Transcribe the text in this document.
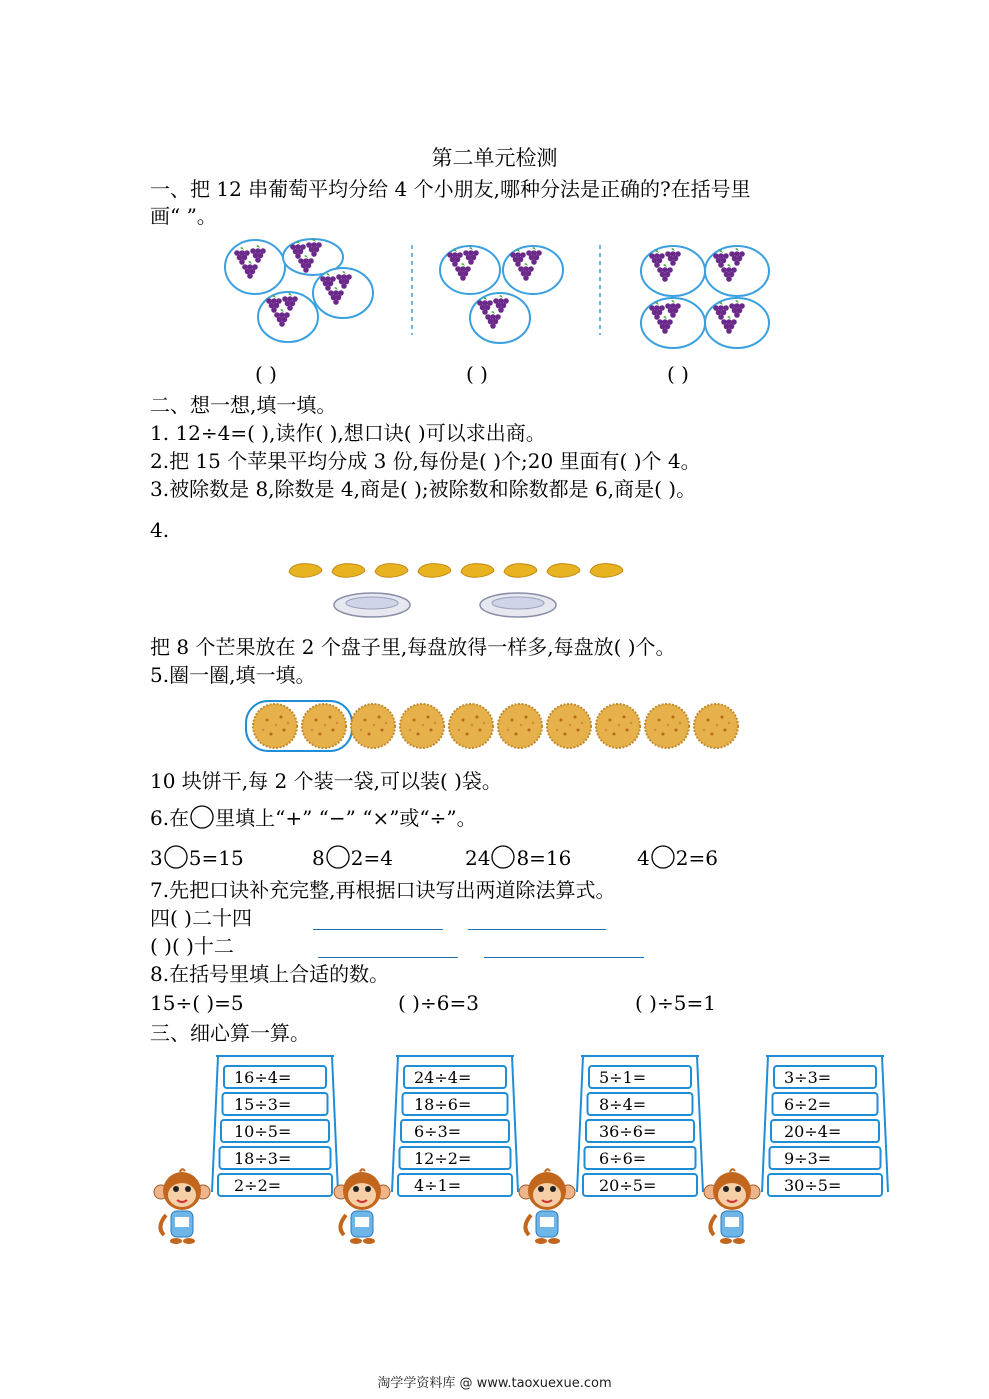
第二单元检测
一、把 12 串葡萄平均分给 4 个小朋友,哪种分法是正确的?在括号里
画“ ”。
( )	( )	( )
二、想一想,填一填。
1. 12÷4=( ),读作( ),想口诀( )可以求出商。
2.把 15 个苹果平均分成 3 份,每份是( )个;20 里面有( )个 4。
3.被除数是 8,除数是 4,商是( );被除数和除数都是 6,商是( )。
4.
把 8 个芒果放在 2 个盘子里,每盘放得一样多,每盘放( )个。
5.圈一圈,填一填。
10 块饼干,每 2 个装一袋,可以装( )袋。
6.在 里填上“+” “−” “×”或“÷”。
3 5=15	8 2=4	24 8=16	4 2=6
7.先把口诀补充完整,再根据口诀写出两道除法算式。
四( )二十四
( )( )十二
8.在括号里填上合适的数。
15÷( )=5	( )÷6=3	( )÷5=1
三、细心算一算。
16÷4=
15÷3=
10÷5=
18÷3=
2÷2=
24÷4=
18÷6=
6÷3=
12÷2=
4÷1=
5÷1=
8÷4=
36÷6=
6÷6=
20÷5=
3÷3=
6÷2=
20÷4=
9÷3=
30÷5=
淘学学资料库 @ www.taoxuexue.com
